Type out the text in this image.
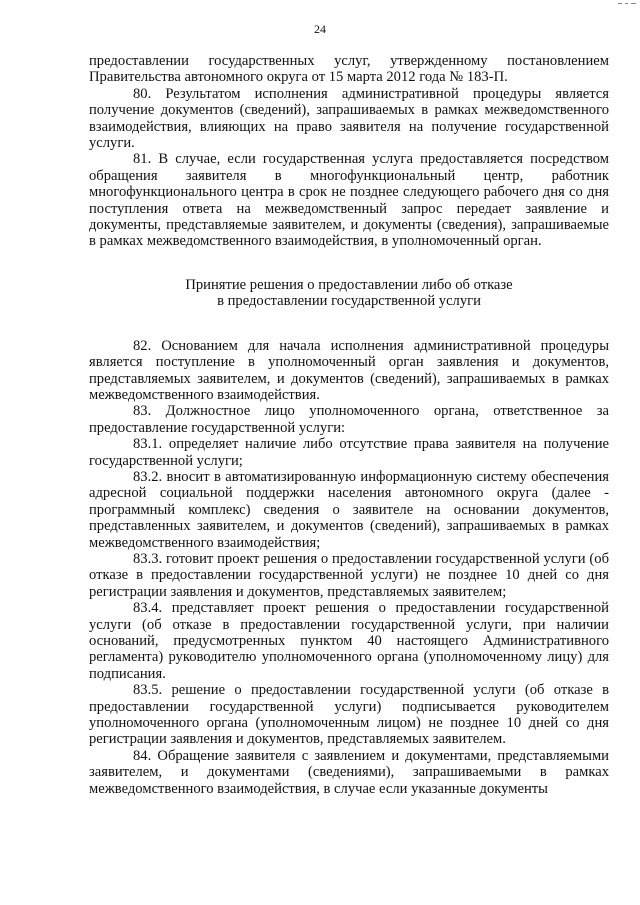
24

предоставлении государственных услуг, утвержденному постановлением Правительства автономного округа от 15 марта 2012 года № 183-П.

80. Результатом исполнения административной процедуры является получение документов (сведений), запрашиваемых в рамках межведомственного взаимодействия, влияющих на право заявителя на получение государственной услуги.

81. В случае, если государственная услуга предоставляется посредством обращения заявителя в многофункциональный центр, работник многофункционального центра в срок не позднее следующего рабочего дня со дня поступления ответа на межведомственный запрос передает заявление и документы, представляемые заявителем, и документы (сведения), запрашиваемые в рамках межведомственного взаимодействия, в уполномоченный орган.

Принятие решения о предоставлении либо об отказе
в предоставлении государственной услуги

82. Основанием для начала исполнения административной процедуры является поступление в уполномоченный орган заявления и документов, представляемых заявителем, и документов (сведений), запрашиваемых в рамках межведомственного взаимодействия.

83. Должностное лицо уполномоченного органа, ответственное за предоставление государственной услуги:

83.1. определяет наличие либо отсутствие права заявителя на получение государственной услуги;

83.2. вносит в автоматизированную информационную систему обеспечения адресной социальной поддержки населения автономного округа (далее - программный комплекс) сведения о заявителе на основании документов, представленных заявителем, и документов (сведений), запрашиваемых в рамках межведомственного взаимодействия;

83.3. готовит проект решения о предоставлении государственной услуги (об отказе в предоставлении государственной услуги) не позднее 10 дней со дня регистрации заявления и документов, представляемых заявителем;

83.4. представляет проект решения о предоставлении государственной услуги (об отказе в предоставлении государственной услуги, при наличии оснований, предусмотренных пунктом 40 настоящего Административного регламента) руководителю уполномоченного органа (уполномоченному лицу) для подписания.

83.5. решение о предоставлении государственной услуги (об отказе в предоставлении государственной услуги) подписывается руководителем уполномоченного органа (уполномоченным лицом) не позднее 10 дней со дня регистрации заявления и документов, представляемых заявителем.

84. Обращение заявителя с заявлением и документами, представляемыми заявителем, и документами (сведениями), запрашиваемыми в рамках межведомственного взаимодействия, в случае если указанные документы
